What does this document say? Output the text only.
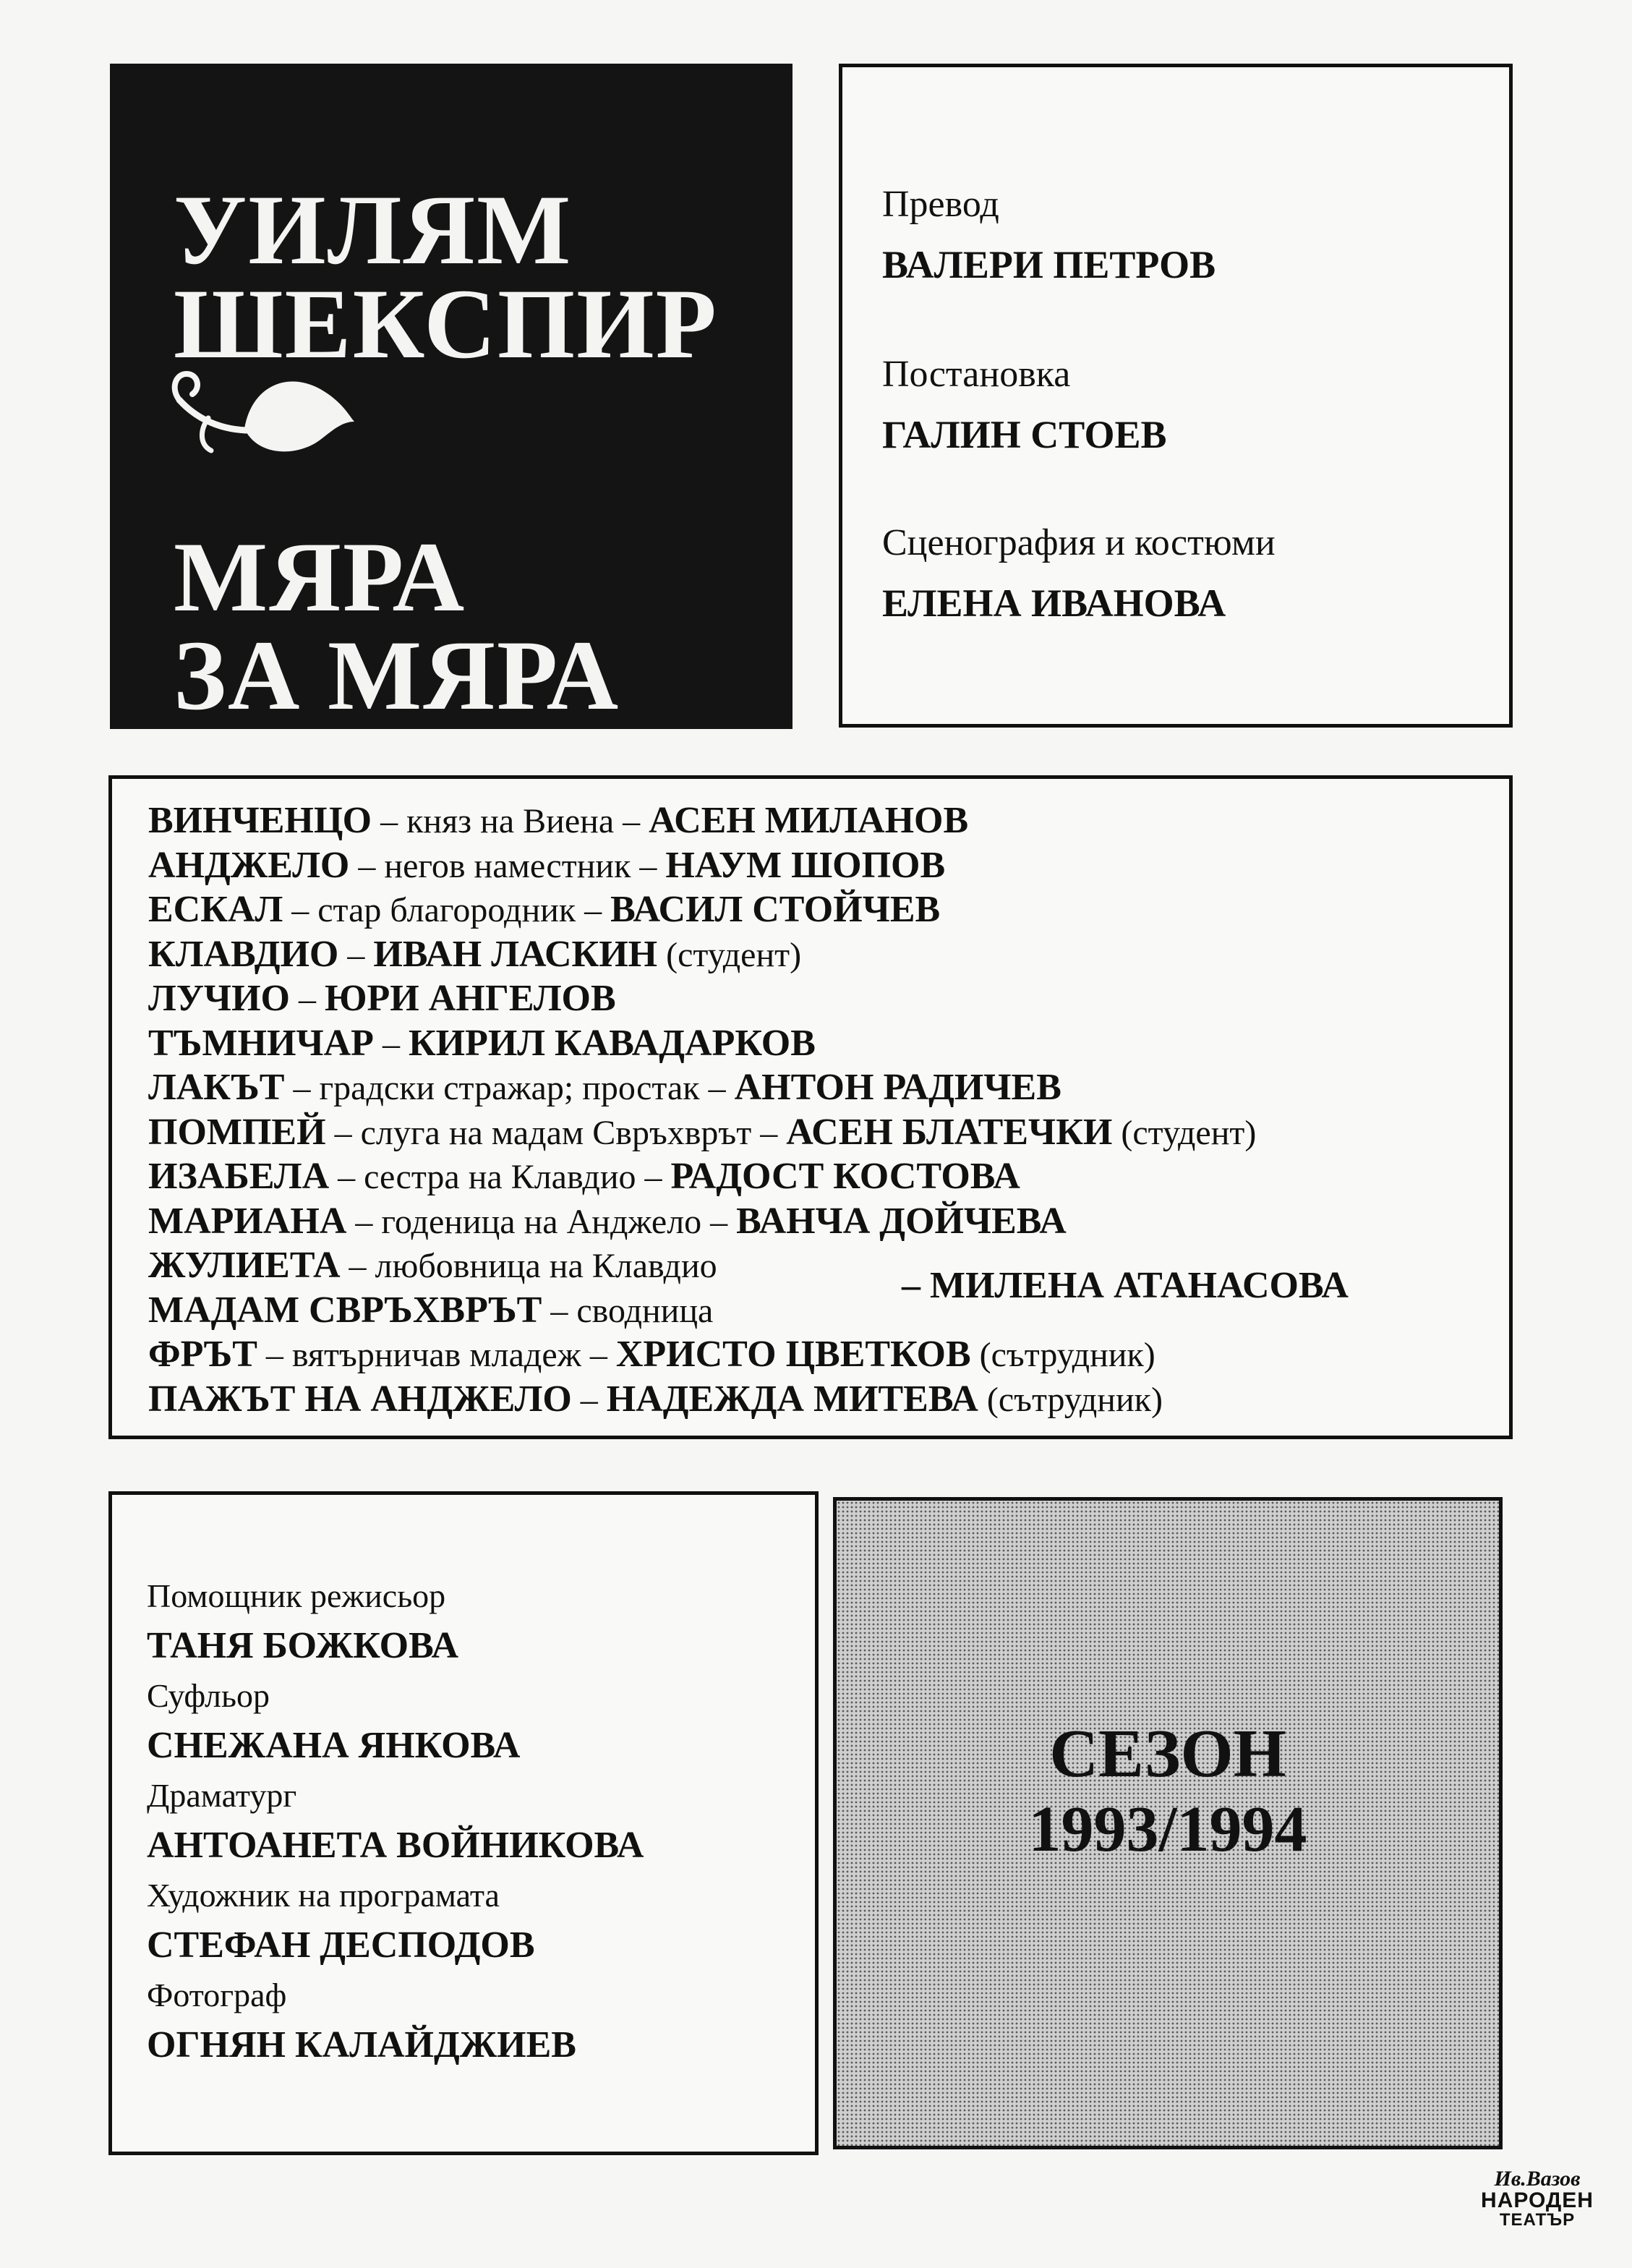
УИЛЯМ
ШЕКСПИР
МЯРА
ЗА МЯРА
Превод
ВАЛЕРИ ПЕТРОВ
Постановка
ГАЛИН СТОЕВ
Сценография и костюми
ЕЛЕНА ИВАНОВА
ВИНЧЕНЦО – княз на Виена – АСЕН МИЛАНОВ
АНДЖЕЛО – негов наместник – НАУМ ШОПОВ
ЕСКАЛ – стар благородник – ВАСИЛ СТОЙЧЕВ
КЛАВДИО – ИВАН ЛАСКИН (студент)
ЛУЧИО – ЮРИ АНГЕЛОВ
ТЪМНИЧАР – КИРИЛ КАВАДАРКОВ
ЛАКЪТ – градски стражар; простак – АНТОН РАДИЧЕВ
ПОМПЕЙ – слуга на мадам Свръхврът – АСЕН БЛАТЕЧКИ (студент)
ИЗАБЕЛА – сестра на Клавдио – РАДОСТ КОСТОВА
МАРИАНА – годеница на Анджело – ВАНЧА ДОЙЧЕВА
ЖУЛИЕТА – любовница на Клавдио	– МИЛЕНА АТАНАСОВА
МАДАМ СВРЪХВРЪТ – сводница
ФРЪТ – вятърничав младеж – ХРИСТО ЦВЕТКОВ (сътрудник)
ПАЖЪТ НА АНДЖЕЛО – НАДЕЖДА МИТЕВА (сътрудник)
Помощник режисьор
ТАНЯ БОЖКОВА
Суфльор
СНЕЖАНА ЯНКОВА
Драматург
АНТОАНЕТА ВОЙНИКОВА
Художник на програмата
СТЕФАН ДЕСПОДОВ
Фотограф
ОГНЯН КАЛАЙДЖИЕВ
СЕЗОН
1993/1994
Ив.Вазов
НАРОДЕН
ТЕАТЪР
